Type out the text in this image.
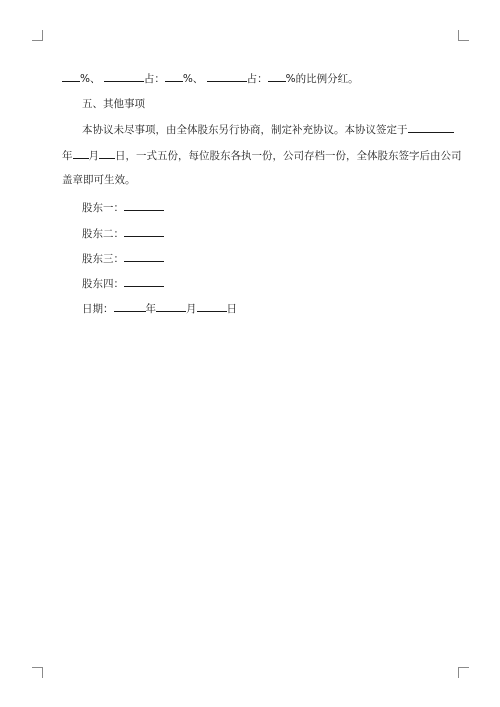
%、	占： %、	占： %的比例分红。
五、其他事项
本协议未尽事项，由全体股东另行协商，制定补充协议。本协议签定于
年 月 日，一式五份，每位股东各执一份，公司存档一份，全体股东签字后由公司
盖章即可生效。
股东一：
股东二：
股东三：
股东四：
日期：	年	月	日
